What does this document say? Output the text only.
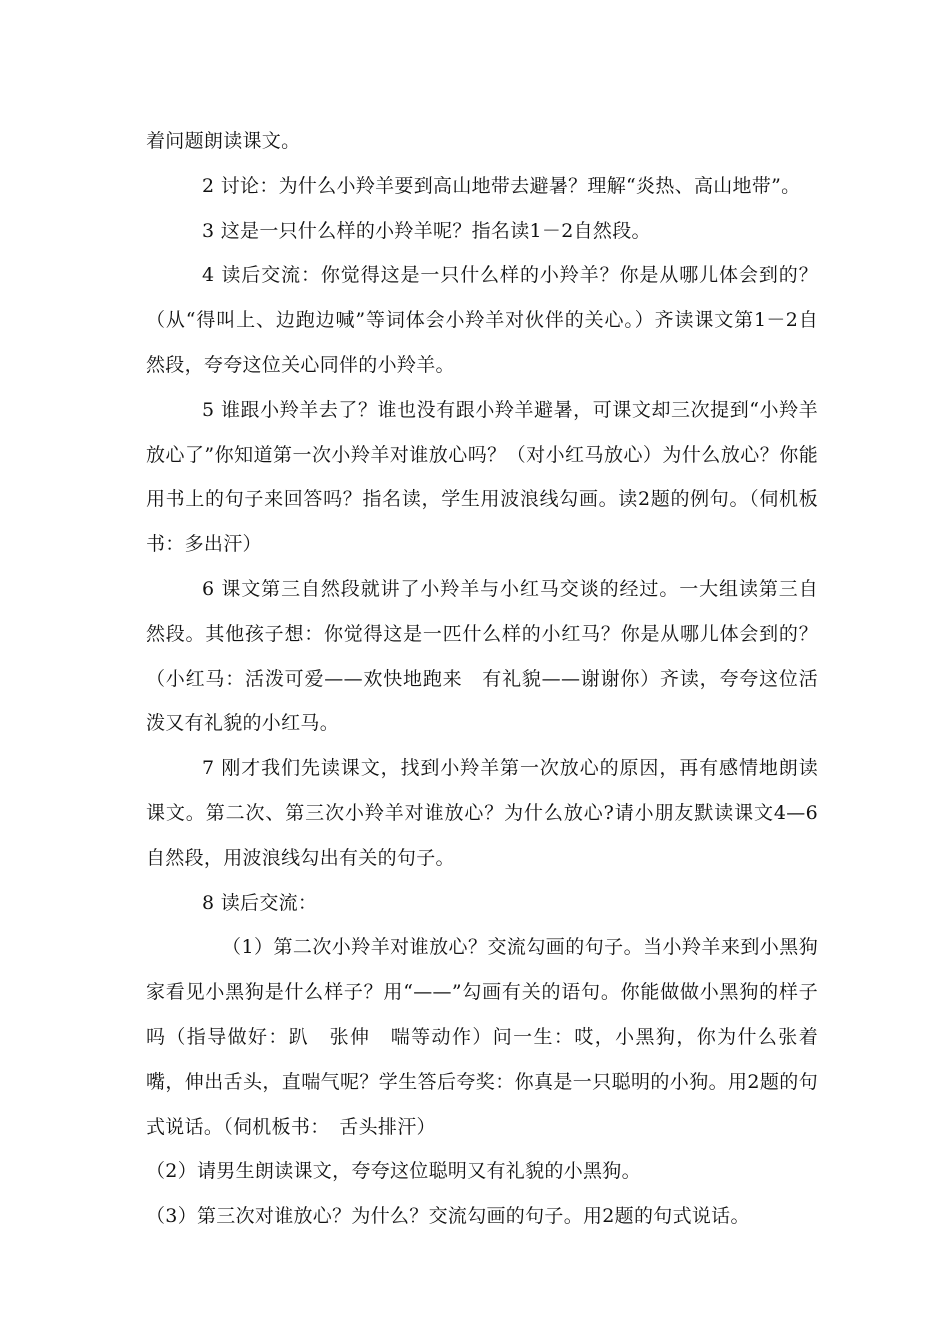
着问题朗读课文。

2 讨论：为什么小羚羊要到高山地带去避暑？理解“炎热、高山地带”。

3 这是一只什么样的小羚羊呢？指名读1－2自然段。

4 读后交流：你觉得这是一只什么样的小羚羊？你是从哪儿体会到的？（从“得叫上、边跑边喊”等词体会小羚羊对伙伴的关心。）齐读课文第1－2自然段，夸夸这位关心同伴的小羚羊。

5 谁跟小羚羊去了？谁也没有跟小羚羊避暑，可课文却三次提到“小羚羊放心了”你知道第一次小羚羊对谁放心吗？（对小红马放心）为什么放心？你能用书上的句子来回答吗？指名读，学生用波浪线勾画。读2题的例句。（伺机板书：多出汗）

6 课文第三自然段就讲了小羚羊与小红马交谈的经过。一大组读第三自然段。其他孩子想：你觉得这是一匹什么样的小红马？你是从哪儿体会到的？（小红马：活泼可爱——欢快地跑来　有礼貌——谢谢你）齐读，夸夸这位活泼又有礼貌的小红马。

7 刚才我们先读课文，找到小羚羊第一次放心的原因，再有感情地朗读课文。第二次、第三次小羚羊对谁放心？为什么放心?请小朋友默读课文4—6自然段，用波浪线勾出有关的句子。

8 读后交流：

（1）第二次小羚羊对谁放心？交流勾画的句子。当小羚羊来到小黑狗家看见小黑狗是什么样子？用“——”勾画有关的语句。你能做做小黑狗的样子吗（指导做好：趴　张伸　喘等动作）问一生：哎，小黑狗，你为什么张着嘴，伸出舌头，直喘气呢？学生答后夸奖：你真是一只聪明的小狗。用2题的句式说话。（伺机板书：　舌头排汗）

（2）请男生朗读课文，夸夸这位聪明又有礼貌的小黑狗。

（3）第三次对谁放心？为什么？交流勾画的句子。用2题的句式说话。
